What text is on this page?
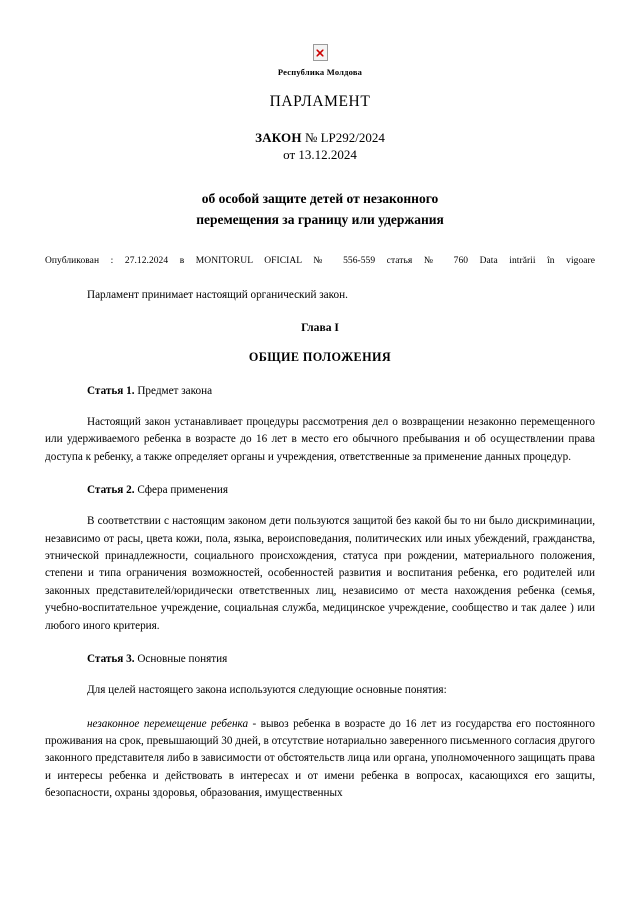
Республика Молдова
ПАРЛАМЕНТ
ЗАКОН № LP292/2024
от 13.12.2024
об особой защите детей от незаконного
перемещения за границу или удержания
Опубликован : 27.12.2024 в MONITORUL OFICIAL № 556-559 статья № 760 Data intrării în vigoare
Парламент принимает настоящий органический закон.
Глава I
ОБЩИЕ ПОЛОЖЕНИЯ
Статья 1. Предмет закона
Настоящий закон устанавливает процедуры рассмотрения дел о возвращении незаконно перемещенного или удерживаемого ребенка в возрасте до 16 лет в место его обычного пребывания и об осуществлении права доступа к ребенку, а также определяет органы и учреждения, ответственные за применение данных процедур.
Статья 2. Сфера применения
В соответствии с настоящим законом дети пользуются защитой без какой бы то ни было дискриминации, независимо от расы, цвета кожи, пола, языка, вероисповедания, политических или иных убеждений, гражданства, этнической принадлежности, социального происхождения, статуса при рождении, материального положения, степени и типа ограничения возможностей, особенностей развития и воспитания ребенка, его родителей или законных представителей/юридически ответственных лиц, независимо от места нахождения ребенка (семья, учебно-воспитательное учреждение, социальная служба, медицинское учреждение, сообщество и так далее ) или любого иного критерия.
Статья 3. Основные понятия
Для целей настоящего закона используются следующие основные понятия:
незаконное перемещение ребенка - вывоз ребенка в возрасте до 16 лет из государства его постоянного проживания на срок, превышающий 30 дней, в отсутствие нотариально заверенного письменного согласия другого законного представителя либо в зависимости от обстоятельств лица или органа, уполномоченного защищать права и интересы ребенка и действовать в интересах и от имени ребенка в вопросах, касающихся его защиты, безопасности, охраны здоровья, образования, имущественных
